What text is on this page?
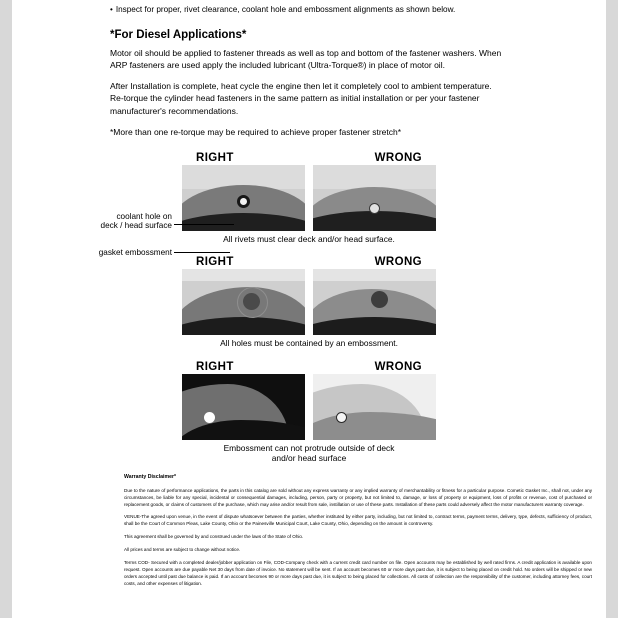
• Inspect for proper, rivet clearance, coolant hole and embossment alignments as shown below.
*For Diesel Applications*
Motor oil should be applied to fastener threads as well as top and bottom of the fastener washers. When ARP fasteners are used apply the included lubricant (Ultra-Torque®) in place of motor oil.
After Installation is complete, heat cycle the engine then let it completely cool to ambient temperature. Re-torque the cylinder head fasteners in the same pattern as initial installation or per your fastener manufacturer's recommendations.
*More than one re-torque may be required to achieve proper fastener stretch*
RIGHT	WRONG
All rivets must clear deck and/or head surface.
RIGHT	WRONG
All holes must be contained by an embossment.
coolant hole on
deck / head surface
gasket embossment
RIGHT	WRONG
Embossment can not protrude outside of deck
and/or head surface
Warranty Disclaimer*

Due to the nature of performance applications, the parts in this catalog are sold without any express warranty or any implied warranty of merchantability or fitness for a particular purpose. Cometic Gasket Inc., shall not, under any circumstances, be liable for any special, incidental or consequential damages, including, person, party or property, but not limited to, damage, or loss of property or equipment, loss of profits or revenue, cost of purchased or replacement goods, or claims of customers of the purchase, which may arise and/or result from sale, instillation or use of these parts. Installation of these parts could adversely affect the motor manufacturers warranty coverage.

VENUE-The agreed upon venue, in the event of dispute whatsoever between the parties, whether instituted by either party, including, but not limited to, contract terms, payment terms, delivery, type, defects, sufficiency of product, shall be the Court of Common Pleas, Lake County, Ohio or the Painesville Municipal Court, Lake County, Ohio, depending on the amount in controversy.

This agreement shall be governed by and construed under the laws of the State of Ohio.

All prices and terms are subject to change without notice.

Terms COD- Secured with a completed dealer/jobber application on File, COD-Company check with a current credit card number on file. Open accounts may be established by well rated firms. A credit application is available upon request. Open accounts are due payable Net 30 days from date of invoice. No statement will be sent. If an account becomes 60 or more days past due, it is subject to being placed on credit hold. No orders will be shipped or new orders accepted until past due balance is paid. If an account becomes 90 or more days past due, it is subject to being placed for collections. All costs of collection are the responsibility of the customer, including attorney fees, court costs, and other expenses of litigation.
